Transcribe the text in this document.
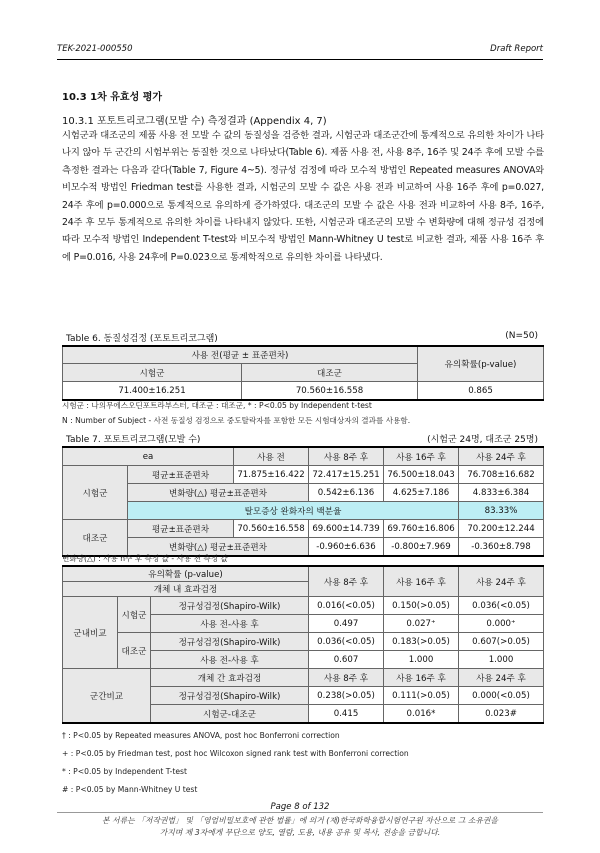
TEK-2021-000550	Draft Report
10.3 1차 유효성 평가
10.3.1 포토트리코그램(모발 수) 측정결과 (Appendix 4, 7)
시험군과 대조군의 제품 사용 전 모발 수 값의 동질성을 검증한 결과, 시험군과 대조군간에 통계적으로 유의한 차이가 나타나지 않아 두 군간의 시험부위는 동질한 것으로 나타났다(Table 6). 제품 사용 전, 사용 8주, 16주 및 24주 후에 모발 수를 측정한 결과는 다음과 같다(Table 7, Figure 4~5). 정규성 검정에 따라 모수적 방법인 Repeated measures ANOVA와 비모수적 방법인 Friedman test를 사용한 결과, 시험군의 모발 수 값은 사용 전과 비교하여 사용 16주 후에 p=0.027, 24주 후에 p=0.000으로 통계적으로 유의하게 증가하였다. 대조군의 모발 수 값은 사용 전과 비교하여 사용 8주, 16주, 24주 후 모두 통계적으로 유의한 차이를 나타내지 않았다. 또한, 시험군과 대조군의 모발 수 변화량에 대해 정규성 검정에 따라 모수적 방법인 Independent T-test와 비모수적 방법인 Mann-Whitney U test로 비교한 결과, 제품 사용 16주 후에 P=0.016, 사용 24후에 P=0.023으로 통계학적으로 유의한 차이를 나타냈다.
Table 6. 동질성검정 (포토트리코그램)	(N=50)
사용 전(평균 ± 표준편차)		유의확률(p-value)
시험군	대조군	
71.400±16.251	70.560±16.558	0.865
시험군 : 나의무에스오딘포트라부스터, 대조군 : 대조군, * : P<0.05 by Independent t-test
N : Number of Subject - 사전 동질성 검정으로 중도탈락자를 포함한 모든 시험대상자의 결과를 사용함.
Table 7. 포토트리코그램(모발 수)	(시험군 24명, 대조군 25명)
ea		사용 전	사용 8주 후	사용 16주 후	사용 24주 후
시험군	평균±표준편차	71.875±16.422	72.417±15.251	76.500±18.043	76.708±16.682
	변화량(△) 평균±표준편차		0.542±6.136	4.625±7.186	4.833±6.384
	탈모증상 완화자의 백분율				83.33%
대조군	평균±표준편차	70.560±16.558	69.600±14.739	69.760±16.806	70.200±12.244
	변화량(△) 평균±표준편차		-0.960±6.636	-0.800±7.969	-0.360±8.798
변화량(△) : 사용 n주 후 측정 값 - 사용 전 측정 값
유의확률 (p-value)			사용 8주 후	사용 16주 후	사용 24주 후
개체 내 효과검정					
군내비교	시험군	정규성검정(Shapiro-Wilk)	0.016(<0.05)	0.150(>0.05)	0.036(<0.05)
		사용 전-사용 후	0.497	0.027⁺	0.000⁺
	대조군	정규성검정(Shapiro-Wilk)	0.036(<0.05)	0.183(>0.05)	0.607(>0.05)
		사용 전-사용 후	0.607	1.000	1.000
군간비교		개체 간 효과검정	사용 8주 후	사용 16주 후	사용 24주 후
		정규성검정(Shapiro-Wilk)	0.238(>0.05)	0.111(>0.05)	0.000(<0.05)
		시험군-대조군	0.415	0.016*	0.023#
† : P<0.05 by Repeated measures ANOVA, post hoc Bonferroni correction
+ : P<0.05 by Friedman test, post hoc Wilcoxon signed rank test with Bonferroni correction
* : P<0.05 by Independent T-test
# : P<0.05 by Mann-Whitney U test
Page 8 of 132
본 서류는 「저작권법」 및 「영업비밀보호에 관한 법률」에 의거 (재)한국화학융합시험연구원 자산으로 그 소유권을
가지며 제 3자에게 무단으로 양도, 열람, 도용, 내용 공유 및 복사, 전송을 금합니다.
